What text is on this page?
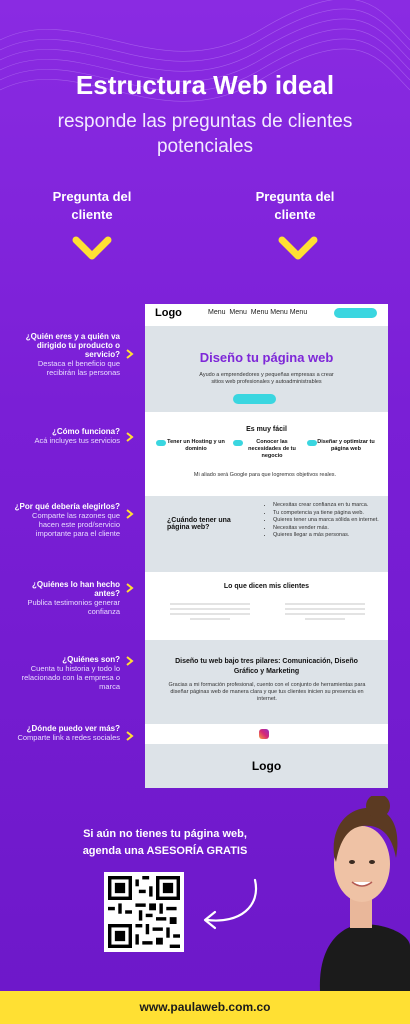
Estructura Web ideal
responde las preguntas de clientes potenciales
Pregunta del cliente
Pregunta del cliente
¿Quién eres y a quién va dirigido tu producto o servicio?
Destaca el beneficio que recibirán las personas
¿Cómo funciona?
Acá incluyes tus servicios
¿Por qué debería elegirlos?
Comparte las razones que hacen este prod/servicio importante para el cliente
¿Quiénes lo han hecho antes?
Publica testimonios generar confianza
¿Quiénes son?
Cuenta tu historia y todo lo relacionado con la empresa o marca
¿Dónde puedo ver más?
Comparte link a redes sociales
Logo	Menu  Menu  Menu Menu Menu
Diseño tu página web
Ayudo a emprendedores y pequeñas empresas a crear sitios web profesionales y autoadministrables
Es muy fácil
Tener un Hosting y un dominio
Conocer las necesidades de tu negocio
Diseñar y optimizar tu página web
Mi aliado será Google para que logremos objetivos reales.
¿Cuándo tener una página web?
• Necesitas crear confianza en tu marca.
• Tu competencia ya tiene página web.
• Quieres tener una marca sólida en internet.
• Necesitas vender más.
• Quieres llegar a más personas.
Lo que dicen mis clientes
Diseño tu web bajo tres pilares: Comunicación, Diseño Gráfico y Marketing
Gracias a mi formación profesional, cuento con el conjunto de herramientas para diseñar páginas web de manera clara y que tus clientes inicien su presencia en internet.
Logo
Si aún no tienes tu página web,
agenda una ASESORÍA GRATIS
www.paulaweb.com.co
